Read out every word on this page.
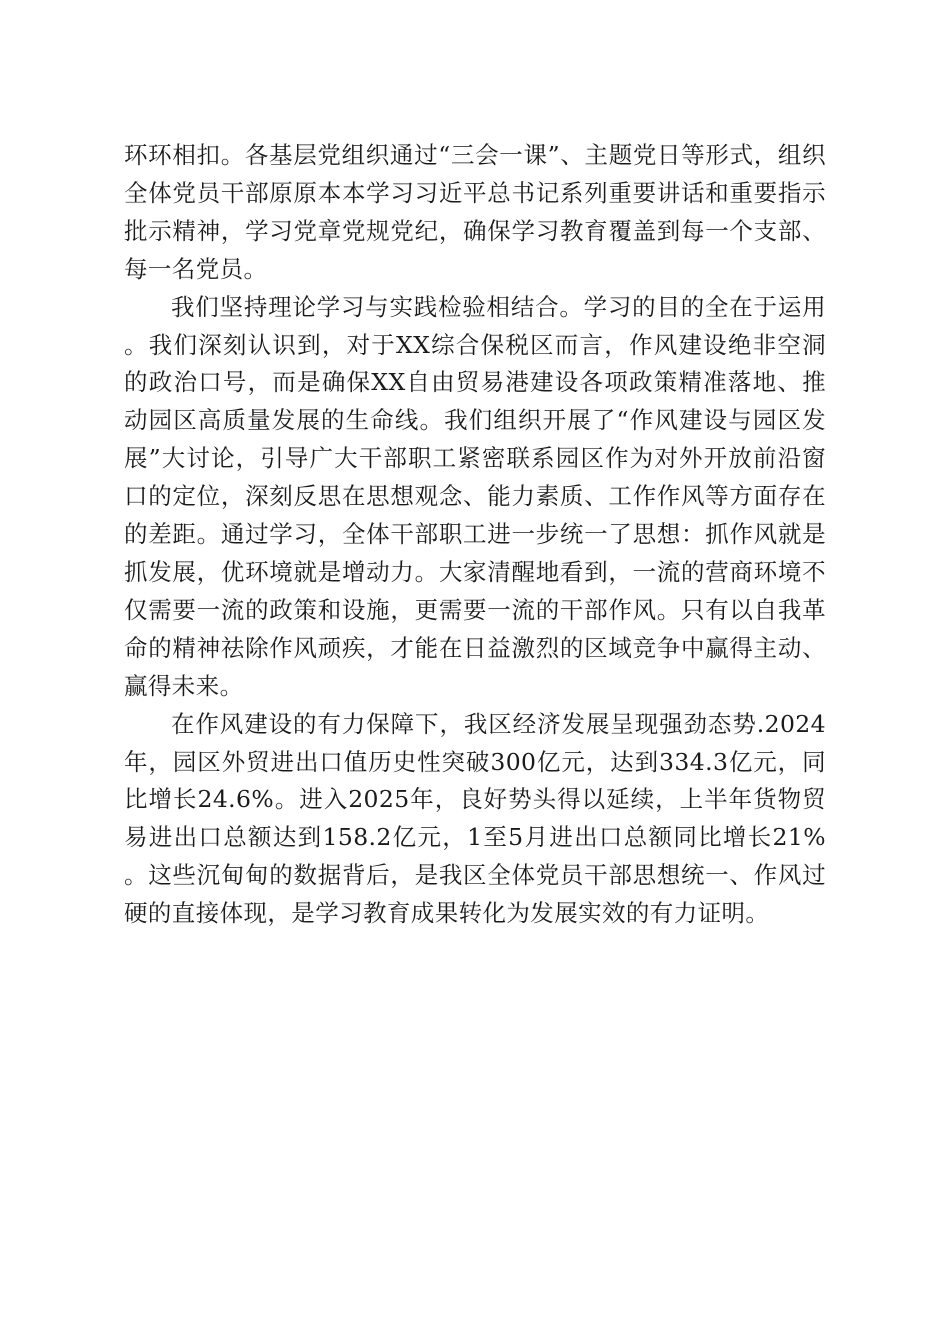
环环相扣。各基层党组织通过“三会一课”、主题党日等形式，组织全体党员干部原原本本学习习近平总书记系列重要讲话和重要指示批示精神，学习党章党规党纪，确保学习教育覆盖到每一个支部、每一名党员。

我们坚持理论学习与实践检验相结合。学习的目的全在于运用。我们深刻认识到，对于XX综合保税区而言，作风建设绝非空洞的政治口号，而是确保XX自由贸易港建设各项政策精准落地、推动园区高质量发展的生命线。我们组织开展了“作风建设与园区发展”大讨论，引导广大干部职工紧密联系园区作为对外开放前沿窗口的定位，深刻反思在思想观念、能力素质、工作作风等方面存在的差距。通过学习，全体干部职工进一步统一了思想：抓作风就是抓发展，优环境就是增动力。大家清醒地看到，一流的营商环境不仅需要一流的政策和设施，更需要一流的干部作风。只有以自我革命的精神祛除作风顽疾，才能在日益激烈的区域竞争中赢得主动、赢得未来。

在作风建设的有力保障下，我区经济发展呈现强劲态势.2024年，园区外贸进出口值历史性突破300亿元，达到334.3亿元，同比增长24.6%。进入2025年，良好势头得以延续，上半年货物贸易进出口总额达到158.2亿元，1至5月进出口总额同比增长21%。这些沉甸甸的数据背后，是我区全体党员干部思想统一、作风过硬的直接体现，是学习教育成果转化为发展实效的有力证明。
